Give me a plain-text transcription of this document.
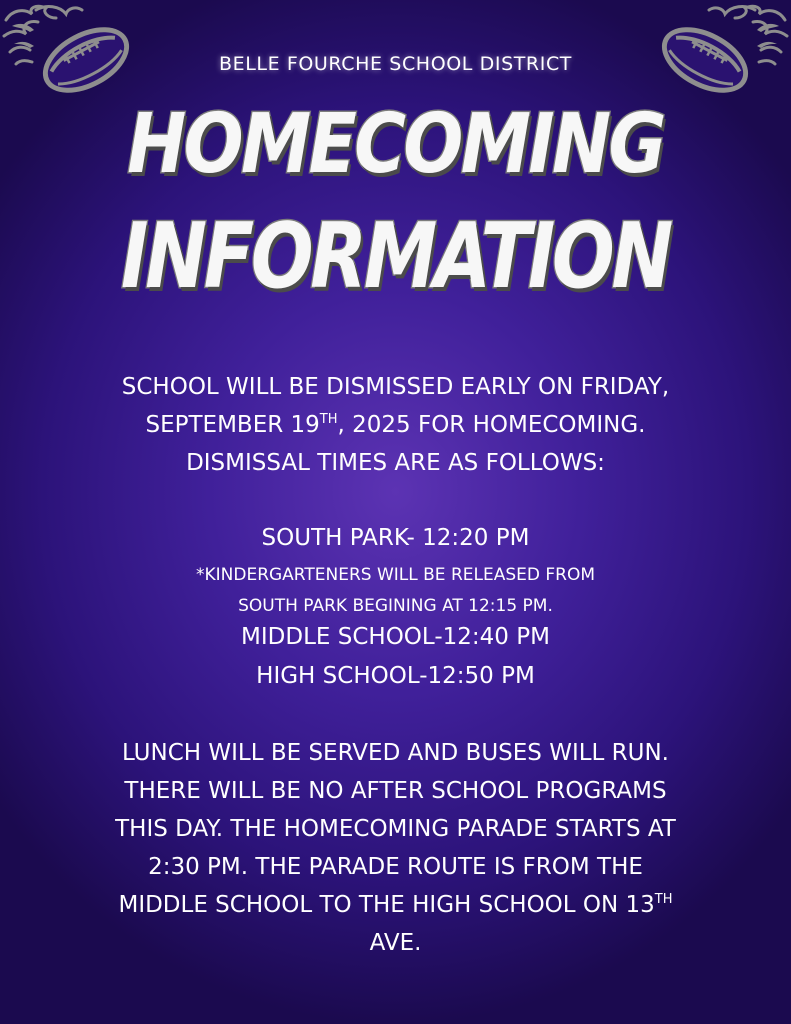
BELLE FOURCHE SCHOOL DISTRICT
HOMECOMING
INFORMATION
SCHOOL WILL BE DISMISSED EARLY ON FRIDAY,
SEPTEMBER 19TH, 2025 FOR HOMECOMING.
DISMISSAL TIMES ARE AS FOLLOWS:
SOUTH PARK- 12:20 PM
*KINDERGARTENERS WILL BE RELEASED FROM
SOUTH PARK BEGINING AT 12:15 PM.
MIDDLE SCHOOL-12:40 PM
HIGH SCHOOL-12:50 PM
LUNCH WILL BE SERVED AND BUSES WILL RUN.
THERE WILL BE NO AFTER SCHOOL PROGRAMS
THIS DAY. THE HOMECOMING PARADE STARTS AT
2:30 PM. THE PARADE ROUTE IS FROM THE
MIDDLE SCHOOL TO THE HIGH SCHOOL ON 13TH
AVE.
